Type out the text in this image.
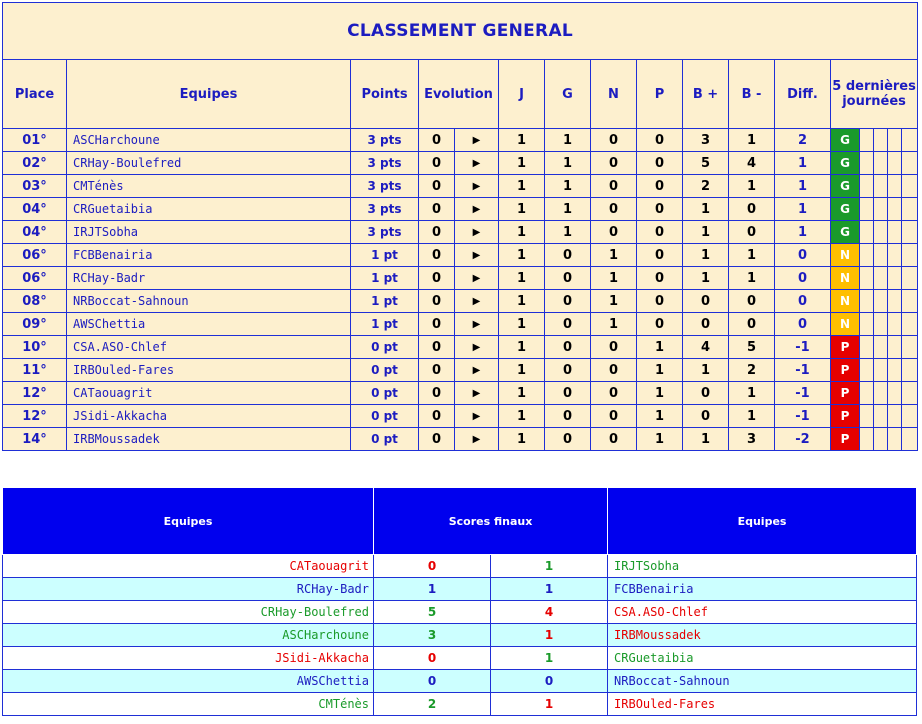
CLASSEMENT GENERAL																
Place	Equipes	Points	Evolution		J	G	N	P	B +	B -	Diff.	5 dernières journées				
01°	ASCHarchoune	3 pts	0	▶	1	1	0	0	3	1	2	G				
02°	CRHay-Boulefred	3 pts	0	▶	1	1	0	0	5	4	1	G				
03°	CMTénès	3 pts	0	▶	1	1	0	0	2	1	1	G				
04°	CRGuetaibia	3 pts	0	▶	1	1	0	0	1	0	1	G				
04°	IRJTSobha	3 pts	0	▶	1	1	0	0	1	0	1	G				
06°	FCBBenairia	1 pt	0	▶	1	0	1	0	1	1	0	N				
06°	RCHay-Badr	1 pt	0	▶	1	0	1	0	1	1	0	N				
08°	NRBoccat-Sahnoun	1 pt	0	▶	1	0	1	0	0	0	0	N				
09°	AWSChettia	1 pt	0	▶	1	0	1	0	0	0	0	N				
10°	CSA.ASO-Chlef	0 pt	0	▶	1	0	0	1	4	5	-1	P				
11°	IRBOuled-Fares	0 pt	0	▶	1	0	0	1	1	2	-1	P				
12°	CATaouagrit	0 pt	0	▶	1	0	0	1	0	1	-1	P				
12°	JSidi-Akkacha	0 pt	0	▶	1	0	0	1	0	1	-1	P				
14°	IRBMoussadek	0 pt	0	▶	1	0	0	1	1	3	-2	P				
Equipes	Scores finaux		Equipes
CATaouagrit	0	1	IRJTSobha
RCHay-Badr	1	1	FCBBenairia
CRHay-Boulefred	5	4	CSA.ASO-Chlef
ASCHarchoune	3	1	IRBMoussadek
JSidi-Akkacha	0	1	CRGuetaibia
AWSChettia	0	0	NRBoccat-Sahnoun
CMTénès	2	1	IRBOuled-Fares
